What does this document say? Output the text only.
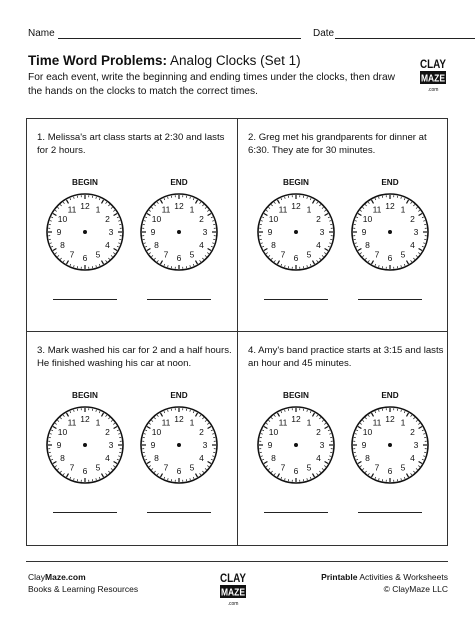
Name	Date
Time Word Problems: Analog Clocks (Set 1)
For each event, write the beginning and ending times under the clocks, then draw the hands on the clocks to match the correct times.
CLAY
MAZE
.com
1. Melissa's art class starts at 2:30 and lasts for 2 hours.
BEGIN	END
12 1
2
3
4
5
6
7
8
9
10
11	12 1
2
3
4
5
6
7
8
9
10
11
2. Greg met his grandparents for dinner at 6:30. They ate for 30 minutes.
BEGIN	END
12 1
2
3
4
5
6
7
8
9
10
11	12 1
2
3
4
5
6
7
8
9
10
11
3. Mark washed his car for 2 and a half hours. He finished washing his car at noon.
BEGIN	END
12 1
2
3
4
5
6
7
8
9
10
11	12 1
2
3
4
5
6
7
8
9
10
11
4. Amy's band practice starts at 3:15 and lasts an hour and 45 minutes.
BEGIN	END
12 1
2
3
4
5
6
7
8
9
10
11	12 1
2
3
4
5
6
7
8
9
10
11
ClayMaze.com
Books & Learning Resources
CLAY
MAZE
.com
Printable Activities & Worksheets
© ClayMaze LLC
